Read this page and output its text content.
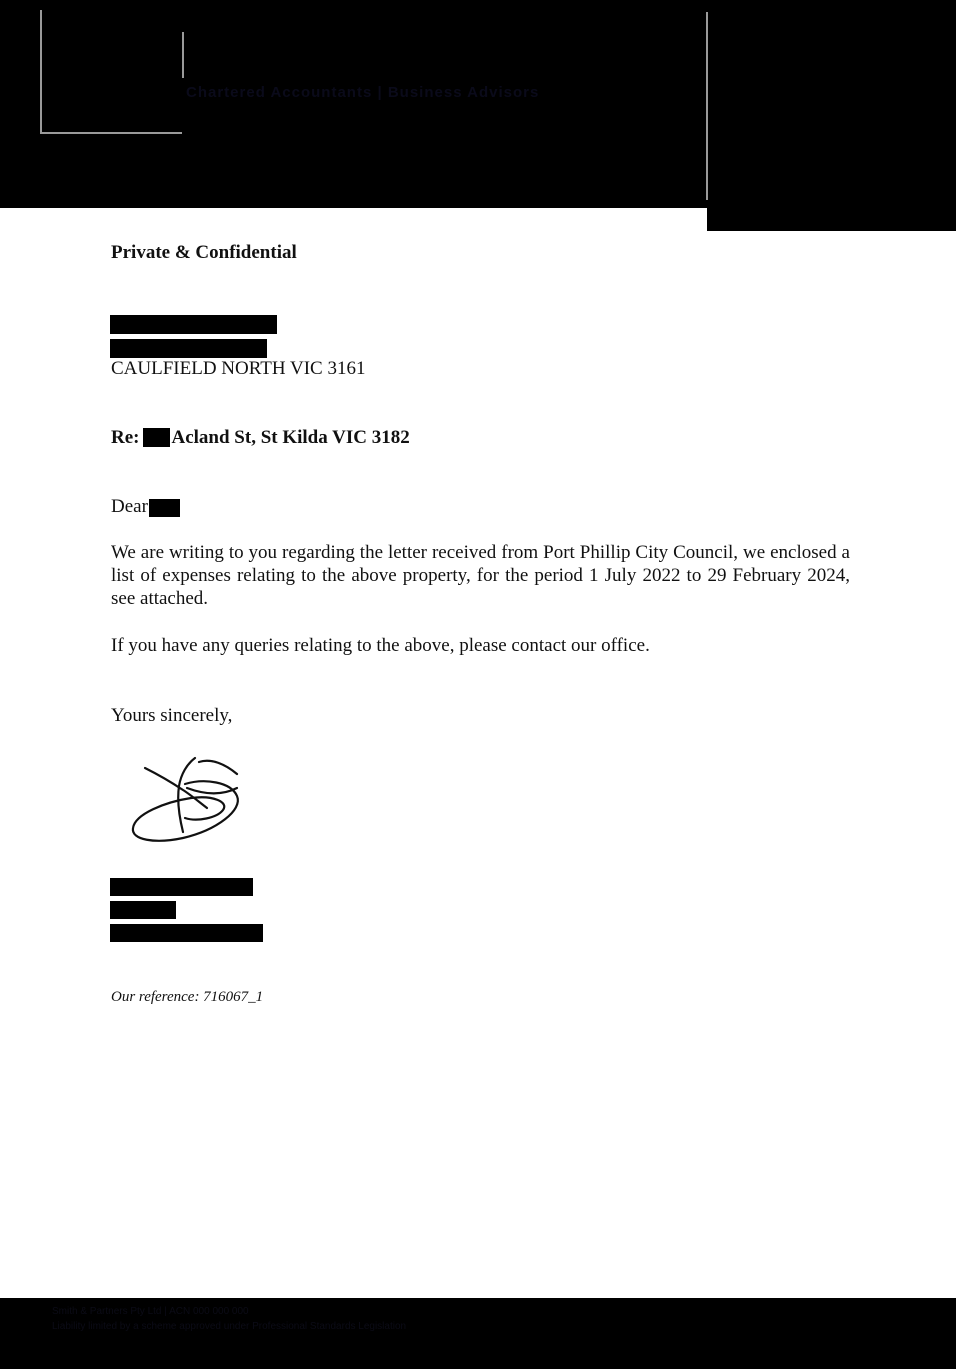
Chartered Accountants | Business Advisors
Private & Confidential
CAULFIELD NORTH VIC 3161
Re: Acland St, St Kilda VIC 3182
Dear
We are writing to you regarding the letter received from Port Phillip City Council, we enclosed a list of expenses relating to the above property, for the period 1 July 2022 to 29 February 2024, see attached.
If you have any queries relating to the above, please contact our office.
Yours sincerely,
Our reference: 716067_1
Smith & Partners Pty Ltd | ACN 000 000 000
Liability limited by a scheme approved under Professional Standards Legislation
